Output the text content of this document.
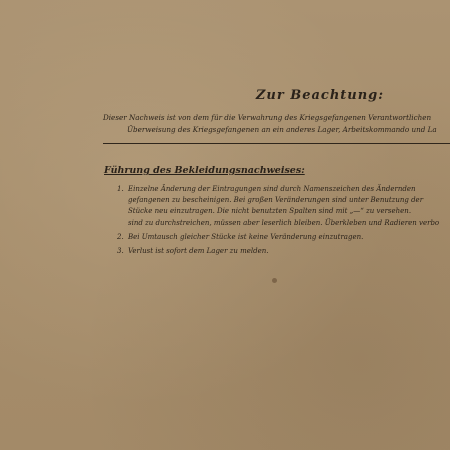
Zur Beachtung:
Dieser Nachweis ist von dem für die Verwahrung des Kriegsgefangenen Verantwortlichen
Überweisung des Kriegsgefangenen an ein anderes Lager, Arbeitskommando und La
Führung des Bekleidungsnachweises:
1. Einzelne Änderung der Eintragungen sind durch Namenszeichen des Ändernden
gefangenen zu bescheinigen. Bei großen Veränderungen sind unter Benutzung der
Stücke neu einzutragen. Die nicht benutzten Spalten sind mit „—“ zu versehen.
sind zu durchstreichen, müssen aber leserlich bleiben. Überkleben und Radieren verbo
2. Bei Umtausch gleicher Stücke ist keine Veränderung einzutragen.
3. Verlust ist sofort dem Lager zu melden.
